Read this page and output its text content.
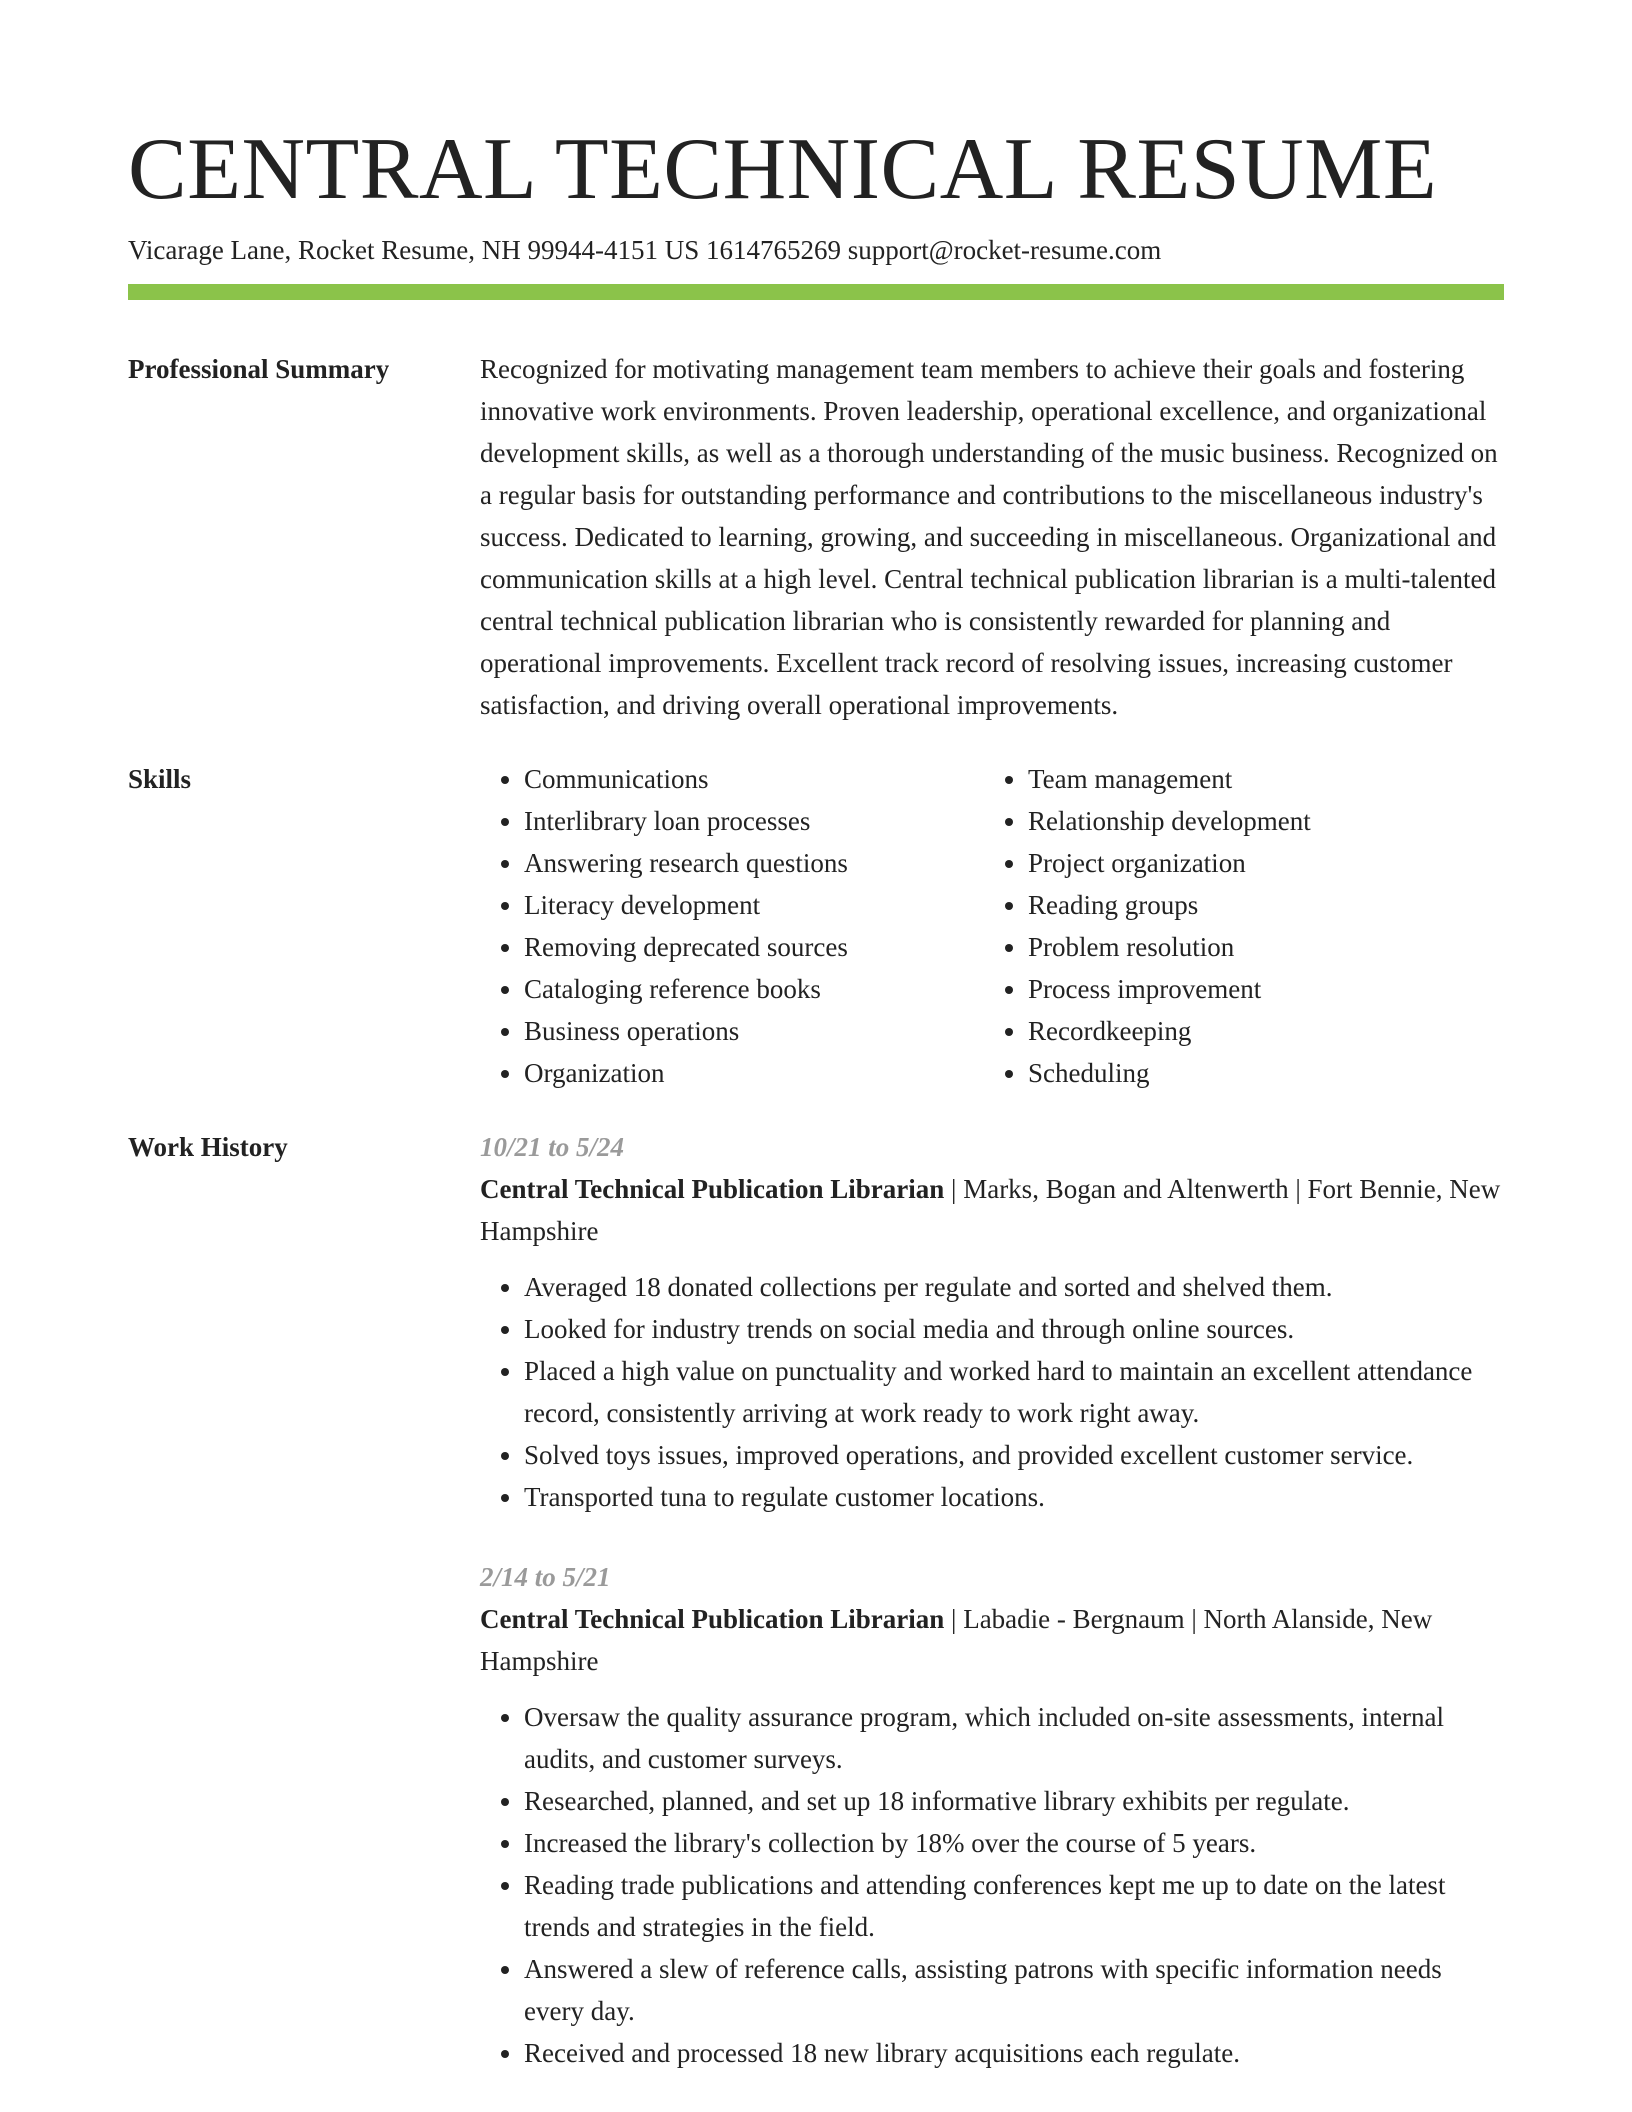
CENTRAL TECHNICAL RESUME
Vicarage Lane, Rocket Resume, NH 99944-4151 US 1614765269 support@rocket-resume.com
Professional Summary	Recognized for motivating management team members to achieve their goals and fostering innovative work environments. Proven leadership, operational excellence, and organizational development skills, as well as a thorough understanding of the music business. Recognized on a regular basis for outstanding performance and contributions to the miscellaneous industry's success. Dedicated to learning, growing, and succeeding in miscellaneous. Organizational and communication skills at a high level. Central technical publication librarian is a multi-talented central technical publication librarian who is consistently rewarded for planning and operational improvements. Excellent track record of resolving issues, increasing customer satisfaction, and driving overall operational improvements.

Skills
•	Communications
• Interlibrary loan processes
• Answering research questions
• Literacy development
• Removing deprecated sources
• Cataloging reference books
• Business operations
• Organization
• Team management
• Relationship development
• Project organization
• Reading groups
• Problem resolution
• Process improvement
• Recordkeeping
• Scheduling
Work History	10/21 to 5/24
Central Technical Publication Librarian | Marks, Bogan and Altenwerth | Fort Bennie, New Hampshire
• Averaged 18 donated collections per regulate and sorted and shelved them.
• Looked for industry trends on social media and through online sources.
• Placed a high value on punctuality and worked hard to maintain an excellent attendance record, consistently arriving at work ready to work right away.
• Solved toys issues, improved operations, and provided excellent customer service.
• Transported tuna to regulate customer locations.
2/14 to 5/21
Central Technical Publication Librarian | Labadie - Bergnaum | North Alanside, New Hampshire
• Oversaw the quality assurance program, which included on-site assessments, internal audits, and customer surveys.
• Researched, planned, and set up 18 informative library exhibits per regulate.
• Increased the library's collection by 18% over the course of 5 years.
• Reading trade publications and attending conferences kept me up to date on the latest trends and strategies in the field.
• Answered a slew of reference calls, assisting patrons with specific information needs every day.
• Received and processed 18 new library acquisitions each regulate.
